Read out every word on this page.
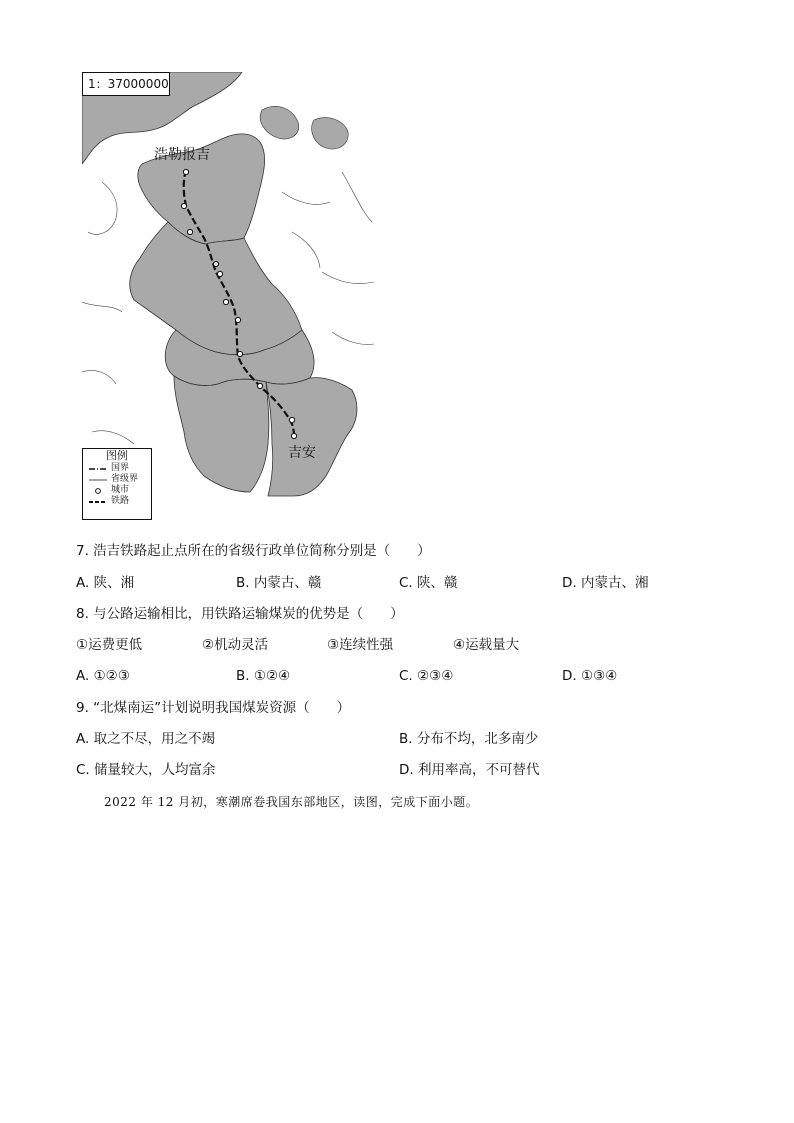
1：37000000
浩勒报吉
吉安
图例
国界
省级界
城市
铁路
7. 浩吉铁路起止点所在的省级行政单位简称分别是（　　）
A. 陕、湘	B. 内蒙古、赣	C. 陕、赣	D. 内蒙古、湘
8. 与公路运输相比，用铁路运输煤炭的优势是（　　）
①运费更低	②机动灵活	③连续性强	④运载量大
A. ①②③	B. ①②④	C. ②③④	D. ①③④
9. “北煤南运”计划说明我国煤炭资源（　　）
A. 取之不尽，用之不竭	B. 分布不均，北多南少
C. 储量较大，人均富余	D. 利用率高，不可替代
2022 年 12 月初，寒潮席卷我国东部地区，读图，完成下面小题。
